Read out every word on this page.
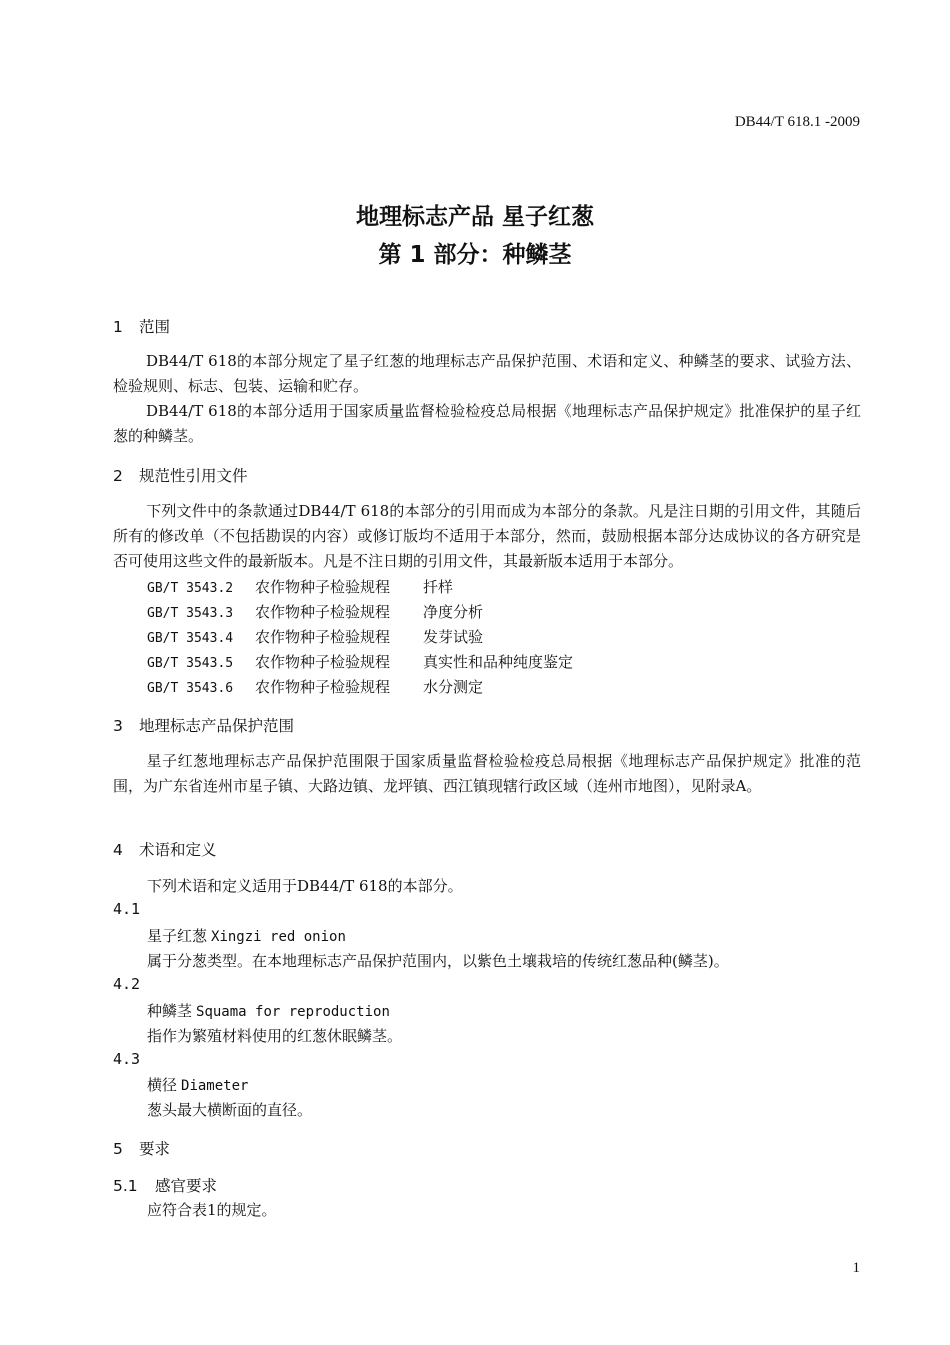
DB44/T 618.1 -2009
地理标志产品 星子红葱
第 1 部分：种鳞茎
1 范围
DB44/T 618的本部分规定了星子红葱的地理标志产品保护范围、术语和定义、种鳞茎的要求、试验方法、检验规则、标志、包装、运输和贮存。
DB44/T 618的本部分适用于国家质量监督检验检疫总局根据《地理标志产品保护规定》批准保护的星子红葱的种鳞茎。
2 规范性引用文件
下列文件中的条款通过DB44/T 618的本部分的引用而成为本部分的条款。凡是注日期的引用文件，其随后所有的修改单（不包括勘误的内容）或修订版均不适用于本部分，然而，鼓励根据本部分达成协议的各方研究是否可使用这些文件的最新版本。凡是不注日期的引用文件，其最新版本适用于本部分。
GB/T 3543.2 农作物种子检验规程 扦样
GB/T 3543.3 农作物种子检验规程 净度分析
GB/T 3543.4 农作物种子检验规程 发芽试验
GB/T 3543.5 农作物种子检验规程 真实性和品种纯度鉴定
GB/T 3543.6 农作物种子检验规程 水分测定
3 地理标志产品保护范围
星子红葱地理标志产品保护范围限于国家质量监督检验检疫总局根据《地理标志产品保护规定》批准的范围，为广东省连州市星子镇、大路边镇、龙坪镇、西江镇现辖行政区域（连州市地图），见附录A。
4 术语和定义
下列术语和定义适用于DB44/T 618的本部分。
4.1
星子红葱 Xingzi red onion
属于分葱类型。在本地理标志产品保护范围内，以紫色土壤栽培的传统红葱品种(鳞茎)。
4.2
种鳞茎 Squama for reproduction
指作为繁殖材料使用的红葱休眠鳞茎。
4.3
横径 Diameter
葱头最大横断面的直径。
5 要求
5.1 感官要求
应符合表1的规定。
1
